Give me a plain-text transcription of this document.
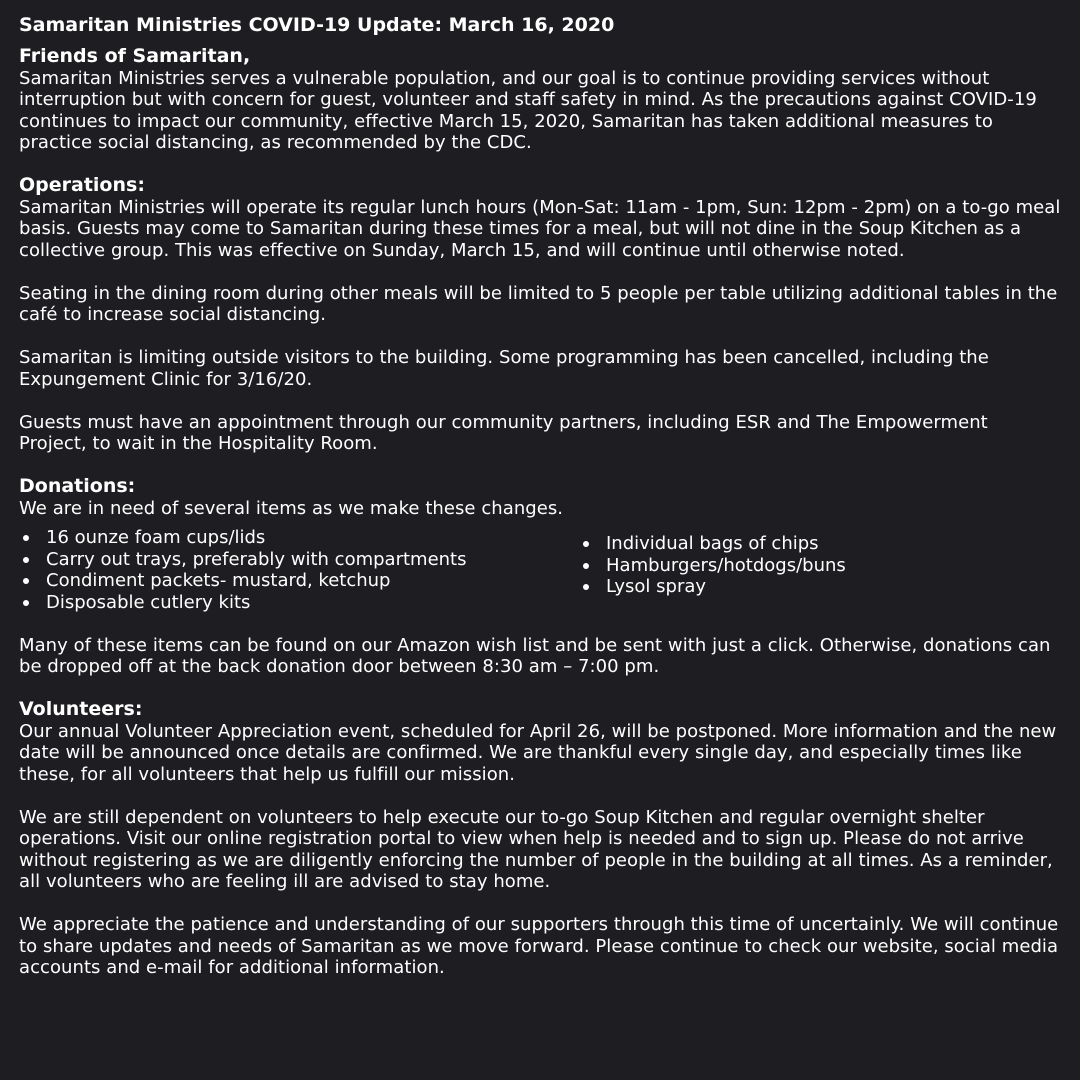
Samaritan Ministries COVID-19 Update: March 16, 2020
Friends of Samaritan,

Samaritan Ministries serves a vulnerable population, and our goal is to continue providing services without interruption but with concern for guest, volunteer and staff safety in mind. As the precautions against COVID-19 continues to impact our community, effective March 15, 2020, Samaritan has taken additional measures to practice social distancing, as recommended by the CDC.

Operations:

Samaritan Ministries will operate its regular lunch hours (Mon-Sat: 11am - 1pm, Sun: 12pm - 2pm) on a to-go meal basis. Guests may come to Samaritan during these times for a meal, but will not dine in the Soup Kitchen as a collective group. This was effective on Sunday, March 15, and will continue until otherwise noted.

Seating in the dining room during other meals will be limited to 5 people per table utilizing additional tables in the café to increase social distancing.

Samaritan is limiting outside visitors to the building. Some programming has been cancelled, including the Expungement Clinic for 3/16/20.

Guests must have an appointment through our community partners, including ESR and The Empowerment Project, to wait in the Hospitality Room.

Donations:

We are in need of several items as we make these changes.

16 ounze foam cups/lids
Carry out trays, preferably with compartments
Condiment packets- mustard, ketchup
Disposable cutlery kits
Individual bags of chips
Hamburgers/hotdogs/buns
Lysol spray

Many of these items can be found on our Amazon wish list and be sent with just a click. Otherwise, donations can be dropped off at the back donation door between 8:30 am – 7:00 pm.

Volunteers:

Our annual Volunteer Appreciation event, scheduled for April 26, will be postponed. More information and the new date will be announced once details are confirmed. We are thankful every single day, and especially times like these, for all volunteers that help us fulfill our mission.

We are still dependent on volunteers to help execute our to-go Soup Kitchen and regular overnight shelter operations. Visit our online registration portal to view when help is needed and to sign up. Please do not arrive without registering as we are diligently enforcing the number of people in the building at all times. As a reminder, all volunteers who are feeling ill are advised to stay home.

We appreciate the patience and understanding of our supporters through this time of uncertainly. We will continue to share updates and needs of Samaritan as we move forward. Please continue to check our website, social media accounts and e-mail for additional information.
